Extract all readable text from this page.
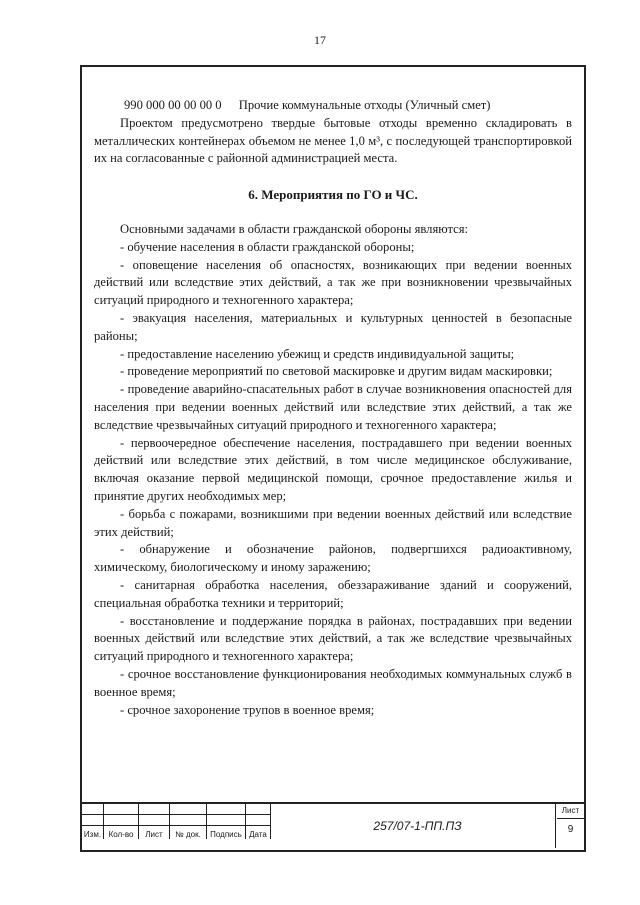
17

990 000 00 00 00 0 Прочие коммунальные отходы (Уличный смет)

Проектом предусмотрено твердые бытовые отходы временно складировать в металлических контейнерах объемом не менее 1,0 м³, с последующей транспортировкой их на согласованные с районной администрацией места.

6. Мероприятия по ГО и ЧС.

Основными задачами в области гражданской обороны являются:

- обучение населения в области гражданской обороны;

- оповещение населения об опасностях, возникающих при ведении военных действий или вследствие этих действий, а так же при возникновении чрезвычайных ситуаций природного и техногенного характера;

- эвакуация населения, материальных и культурных ценностей в безопасные районы;

- предоставление населению убежищ и средств индивидуальной защиты;

- проведение мероприятий по световой маскировке и другим видам маскировки;

- проведение аварийно-спасательных работ в случае возникновения опасностей для населения при ведении военных действий или вследствие этих действий, а так же вследствие чрезвычайных ситуаций природного и техногенного характера;

- первоочередное обеспечение населения, пострадавшего при ведении военных действий или вследствие этих действий, в том числе медицинское обслуживание, включая оказание первой медицинской помощи, срочное предоставление жилья и принятие других необходимых мер;

- борьба с пожарами, возникшими при ведении военных действий или вследствие этих действий;

- обнаружение и обозначение районов, подвергшихся радиоактивному, химическому, биологическому и иному заражению;

- санитарная обработка населения, обеззараживание зданий и сооружений, специальная обработка техники и территорий;

- восстановление и поддержание порядка в районах, пострадавших при ведении военных действий или вследствие этих действий, а так же вследствие чрезвычайных ситуаций природного и техногенного характера;

- срочное восстановление функционирования необходимых коммунальных служб в военное время;

- срочное захоронение трупов в военное время;

Изм.	Кол-во	Лист	№ док.	Подпись	Дата
257/07-1-ПП.ПЗ
Лист
9
